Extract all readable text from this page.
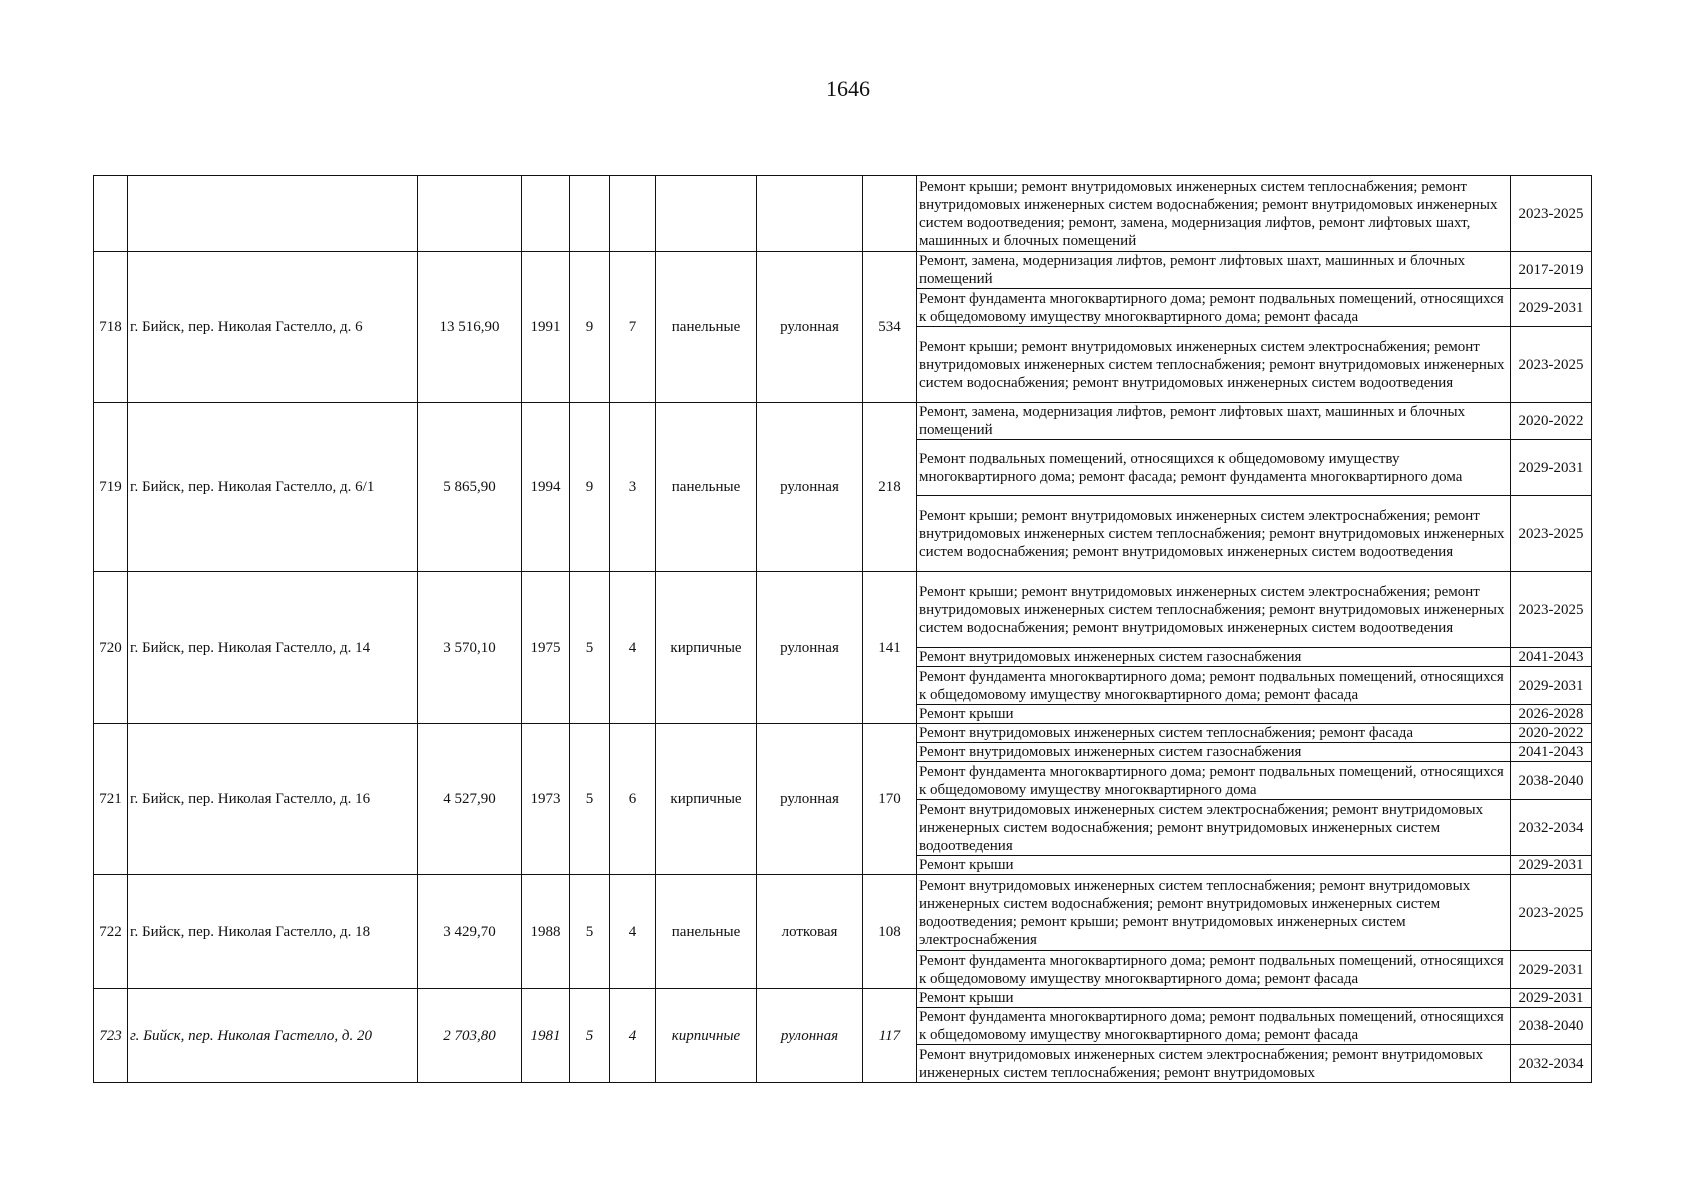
1646
									Ремонт крыши; ремонт внутридомовых инженерных систем теплоснабжения; ремонт внутридомовых инженерных систем водоснабжения; ремонт внутридомовых инженерных систем водоотведения; ремонт, замена, модернизация лифтов, ремонт лифтовых шахт, машинных и блочных помещений	2023-2025
718	г. Бийск, пер. Николая Гастелло, д. 6	13 516,90	1991	9	7	панельные	рулонная	534	Ремонт, замена, модернизация лифтов, ремонт лифтовых шахт, машинных и блочных помещений	2017-2019
									Ремонт фундамента многоквартирного дома; ремонт подвальных помещений, относящихся к общедомовому имуществу многоквартирного дома; ремонт фасада	2029-2031
									Ремонт крыши; ремонт внутридомовых инженерных систем электроснабжения; ремонт внутридомовых инженерных систем теплоснабжения; ремонт внутридомовых инженерных систем водоснабжения; ремонт внутридомовых инженерных систем водоотведения	2023-2025
719	г. Бийск, пер. Николая Гастелло, д. 6/1	5 865,90	1994	9	3	панельные	рулонная	218	Ремонт, замена, модернизация лифтов, ремонт лифтовых шахт, машинных и блочных помещений	2020-2022
									Ремонт подвальных помещений, относящихся к общедомовому имуществу многоквартирного дома; ремонт фасада; ремонт фундамента многоквартирного дома	2029-2031
									Ремонт крыши; ремонт внутридомовых инженерных систем электроснабжения; ремонт внутридомовых инженерных систем теплоснабжения; ремонт внутридомовых инженерных систем водоснабжения; ремонт внутридомовых инженерных систем водоотведения	2023-2025
720	г. Бийск, пер. Николая Гастелло, д. 14	3 570,10	1975	5	4	кирпичные	рулонная	141	Ремонт крыши; ремонт внутридомовых инженерных систем электроснабжения; ремонт внутридомовых инженерных систем теплоснабжения; ремонт внутридомовых инженерных систем водоснабжения; ремонт внутридомовых инженерных систем водоотведения	2023-2025
									Ремонт внутридомовых инженерных систем газоснабжения	2041-2043
									Ремонт фундамента многоквартирного дома; ремонт подвальных помещений, относящихся к общедомовому имуществу многоквартирного дома; ремонт фасада	2029-2031
									Ремонт крыши	2026-2028
721	г. Бийск, пер. Николая Гастелло, д. 16	4 527,90	1973	5	6	кирпичные	рулонная	170	Ремонт внутридомовых инженерных систем теплоснабжения; ремонт фасада	2020-2022
									Ремонт внутридомовых инженерных систем газоснабжения	2041-2043
									Ремонт фундамента многоквартирного дома; ремонт подвальных помещений, относящихся к общедомовому имуществу многоквартирного дома	2038-2040
									Ремонт внутридомовых инженерных систем электроснабжения; ремонт внутридомовых инженерных систем водоснабжения; ремонт внутридомовых инженерных систем водоотведения	2032-2034
									Ремонт крыши	2029-2031
722	г. Бийск, пер. Николая Гастелло, д. 18	3 429,70	1988	5	4	панельные	лотковая	108	Ремонт внутридомовых инженерных систем теплоснабжения; ремонт внутридомовых инженерных систем водоснабжения; ремонт внутридомовых инженерных систем водоотведения; ремонт крыши; ремонт внутридомовых инженерных систем электроснабжения	2023-2025
									Ремонт фундамента многоквартирного дома; ремонт подвальных помещений, относящихся к общедомовому имуществу многоквартирного дома; ремонт фасада	2029-2031
723	г. Бийск, пер. Николая Гастелло, д. 20	2 703,80	1981	5	4	кирпичные	рулонная	117	Ремонт крыши	2029-2031
									Ремонт фундамента многоквартирного дома; ремонт подвальных помещений, относящихся к общедомовому имуществу многоквартирного дома; ремонт фасада	2038-2040
									Ремонт внутридомовых инженерных систем электроснабжения; ремонт внутридомовых инженерных систем теплоснабжения; ремонт внутридомовых	2032-2034
